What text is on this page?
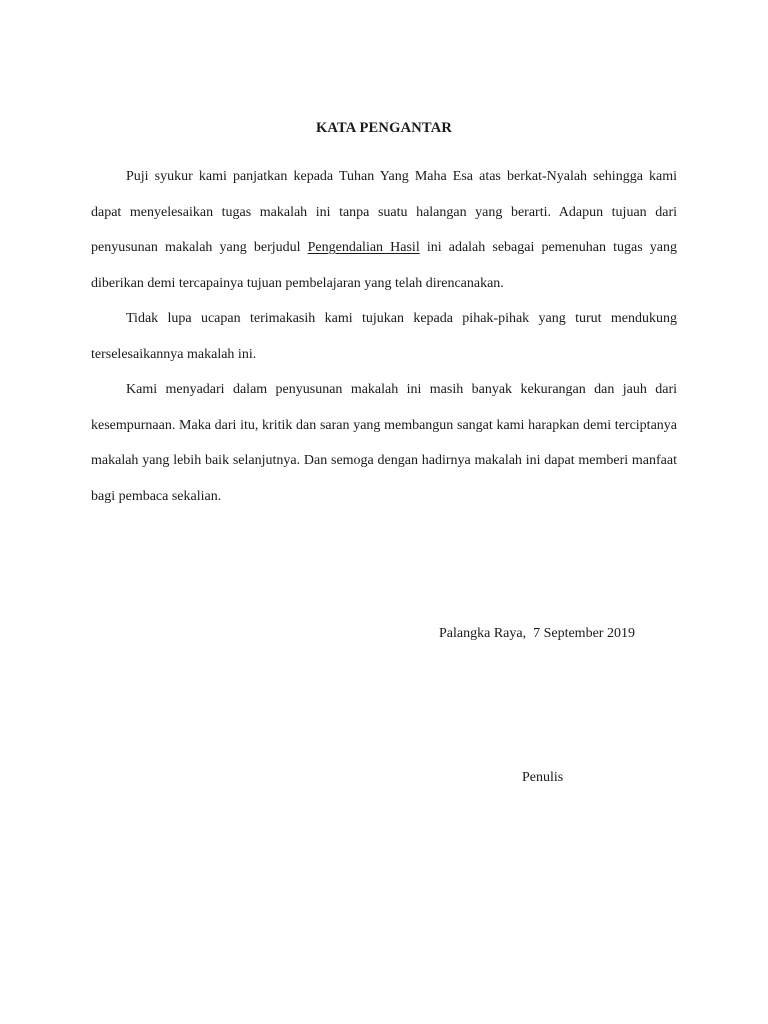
KATA PENGANTAR

Puji syukur kami panjatkan kepada Tuhan Yang Maha Esa atas berkat-Nyalah sehingga kami dapat menyelesaikan tugas makalah ini tanpa suatu halangan yang berarti. Adapun tujuan dari penyusunan makalah yang berjudul Pengendalian Hasil ini adalah sebagai pemenuhan tugas yang diberikan demi tercapainya tujuan pembelajaran yang telah direncanakan.

Tidak lupa ucapan terimakasih kami tujukan kepada pihak-pihak yang turut mendukung terselesaikannya makalah ini.

Kami menyadari dalam penyusunan makalah ini masih banyak kekurangan dan jauh dari kesempurnaan. Maka dari itu, kritik dan saran yang membangun sangat kami harapkan demi terciptanya makalah yang lebih baik selanjutnya. Dan semoga dengan hadirnya makalah ini dapat memberi manfaat bagi pembaca sekalian.

Palangka Raya,  7 September 2019
Penulis
